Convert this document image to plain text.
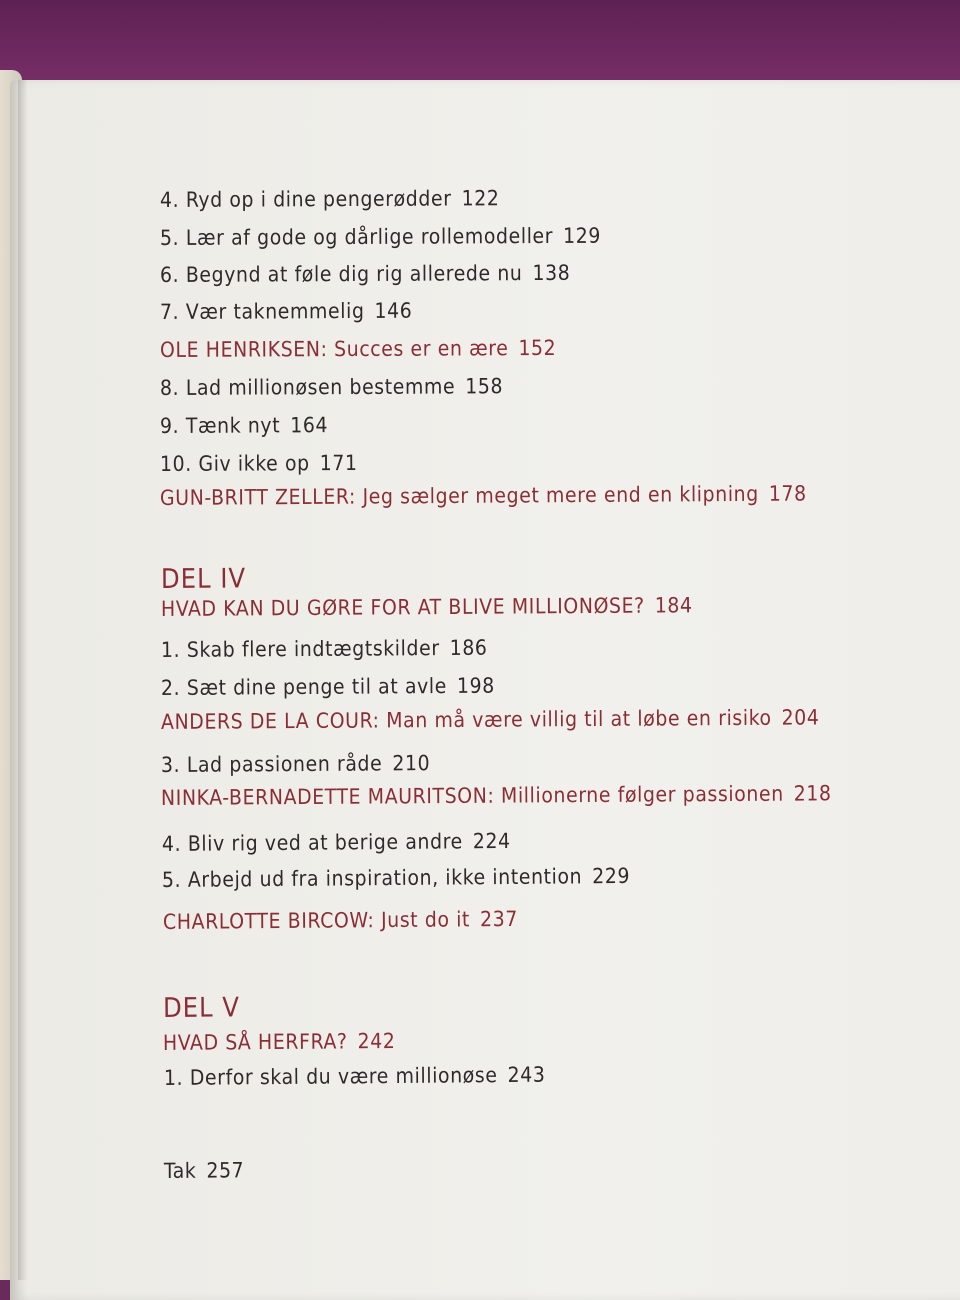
4. Ryd op i dine pengerødder 122
5. Lær af gode og dårlige rollemodeller 129
6. Begynd at føle dig rig allerede nu 138
7. Vær taknemmelig 146
OLE HENRIKSEN: Succes er en ære 152
8. Lad millionøsen bestemme 158
9. Tænk nyt 164
10. Giv ikke op 171
GUN-BRITT ZELLER: Jeg sælger meget mere end en klipning 178
DEL IV
HVAD KAN DU GØRE FOR AT BLIVE MILLIONØSE? 184
1. Skab flere indtægtskilder 186
2. Sæt dine penge til at avle 198
ANDERS DE LA COUR: Man må være villig til at løbe en risiko 204
3. Lad passionen råde 210
NINKA-BERNADETTE MAURITSON: Millionerne følger passionen 218
4. Bliv rig ved at berige andre 224
5. Arbejd ud fra inspiration, ikke intention 229
CHARLOTTE BIRCOW: Just do it 237
DEL V
HVAD SÅ HERFRA? 242
1. Derfor skal du være millionøse 243
Tak 257
